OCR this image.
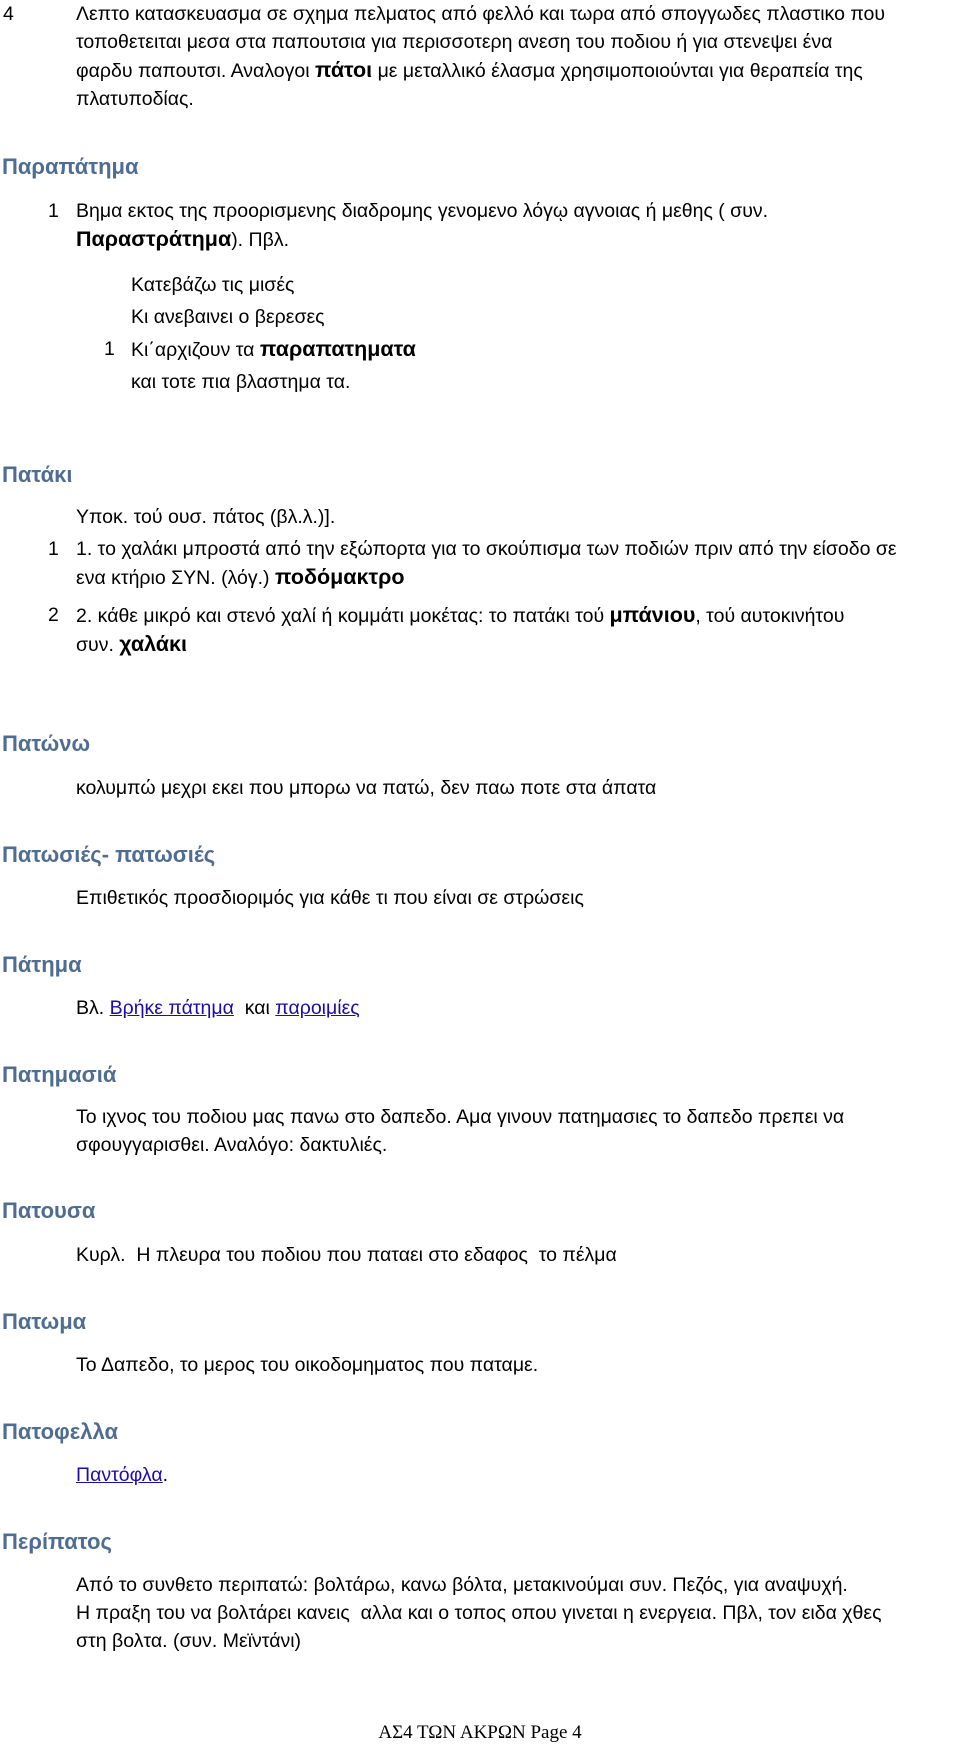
4	Λεπτο κατασκευασμα σε σχημα πελματος από φελλό και τωρα από σπογγωδες πλαστικο που
τοποθετειται μεσα στα παπουτσια για περισσοτερη ανεση του ποδιου ή για στενεψει ένα
φαρδυ παπουτσι. Αναλογοι πάτοι με μεταλλικό έλασμα χρησιμοποιούνται για θεραπεία της
πλατυποδίας.
Παραπάτημα
1 Βημα εκτος της προορισμενης διαδρομης γενομενο λόγῳ αγνοιας ή μεθης ( συν.
Παραστράτημα). Πβλ.
Κατεβάζω τις μισές
Κι ανεβαινει ο βερεσες
Κι΄αρχιζουν τα παραπατηματα
και τοτε πια βλαστημα τα.
1
Πατάκι
Υποκ. τού ουσ. πάτος (βλ.λ.)].
1 1. το χαλάκι μπροστά από την εξώπορτα για το σκούπισμα των ποδιών πριν από την είσοδο σε
ενα κτήριο ΣΥΝ. (λόγ.) ποδόμακτρο
2 2. κάθε μικρό και στενό χαλί ή κομμάτι μοκέτας: το πατάκι τού μπάνιου, τού αυτοκινήτου
συν. χαλάκι
Πατώνω
κολυμπώ μεχρι εκει που μπορω να πατώ, δεν παω ποτε στα άπατα
Πατωσιές- πατωσιές
Επιθετικός προσδιοριμός για κάθε τι που είναι σε στρώσεις
Πάτημα
Βλ. Βρήκε πάτημα  και παροιμίες
Πατημασιά
Το ιχνος του ποδιου μας πανω στο δαπεδο. Αμα γινουν πατημασιες το δαπεδο πρεπει να
σφουγγαρισθει. Αναλόγο: δακτυλιές.
Πατουσα
Κυρλ.  Η πλευρα του ποδιου που παταει στο εδαφος  το πέλμα
Πατωμα
Το Δαπεδο, το μερος του οικοδομηματος που παταμε.
Πατοφελλα
Παντόφλα.
Περίπατος
Από το συνθετο περιπατώ: βολτάρω, κανω βόλτα, μετακινούμαι συν. Πεζός, για αναψυχή.
Η πραξη του να βολτάρει κανεις  αλλα και ο τοπος οπου γινεται η ενεργεια. Πβλ, τον ειδα χθες
στη βολτα. (συν. Μεϊντάνι)
ΑΣ4 ΤΩΝ ΑΚΡΩΝ Page 4
